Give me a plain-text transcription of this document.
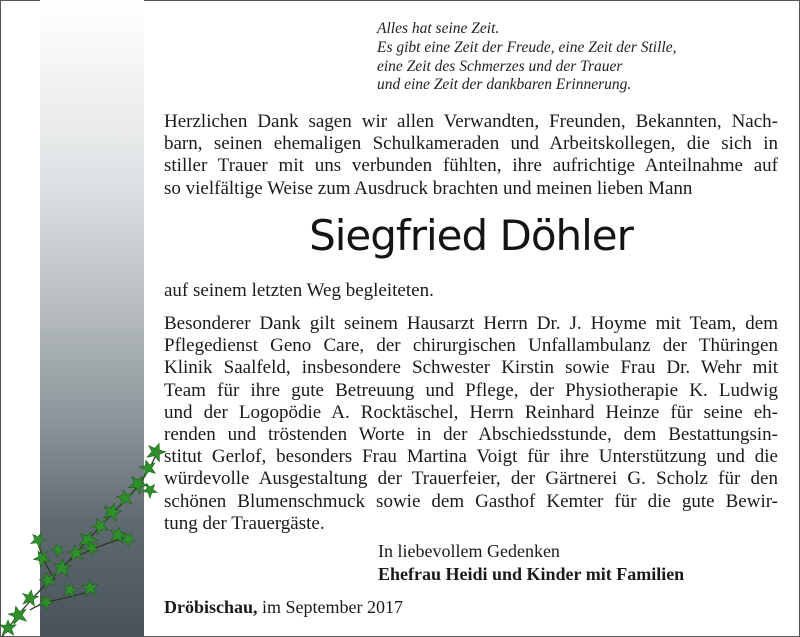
Alles hat seine Zeit.
Es gibt eine Zeit der Freude, eine Zeit der Stille,
eine Zeit des Schmerzes und der Trauer
und eine Zeit der dankbaren Erinnerung.
Herzlichen Dank sagen wir allen Verwandten, Freunden, Bekannten, Nach-
barn, seinen ehemaligen Schulkameraden und Arbeitskollegen, die sich in
stiller Trauer mit uns verbunden fühlten, ihre aufrichtige Anteilnahme auf
so vielfältige Weise zum Ausdruck brachten und meinen lieben Mann
Siegfried Döhler
auf seinem letzten Weg begleiteten.
Besonderer Dank gilt seinem Hausarzt Herrn Dr. J. Hoyme mit Team, dem
Pflegedienst Geno Care, der chirurgischen Unfallambulanz der Thüringen
Klinik Saalfeld, insbesondere Schwester Kirstin sowie Frau Dr. Wehr mit
Team für ihre gute Betreuung und Pflege, der Physiotherapie K. Ludwig
und der Logopödie A. Rocktäschel, Herrn Reinhard Heinze für seine eh-
renden und tröstenden Worte in der Abschiedsstunde, dem Bestattungsin-
stitut Gerlof, besonders Frau Martina Voigt für ihre Unterstützung und die
würdevolle Ausgestaltung der Trauerfeier, der Gärtnerei G. Scholz für den
schönen Blumenschmuck sowie dem Gasthof Kemter für die gute Bewir-
tung der Trauergäste.
In liebevollem Gedenken
Ehefrau Heidi und Kinder mit Familien
Dröbischau, im September 2017
